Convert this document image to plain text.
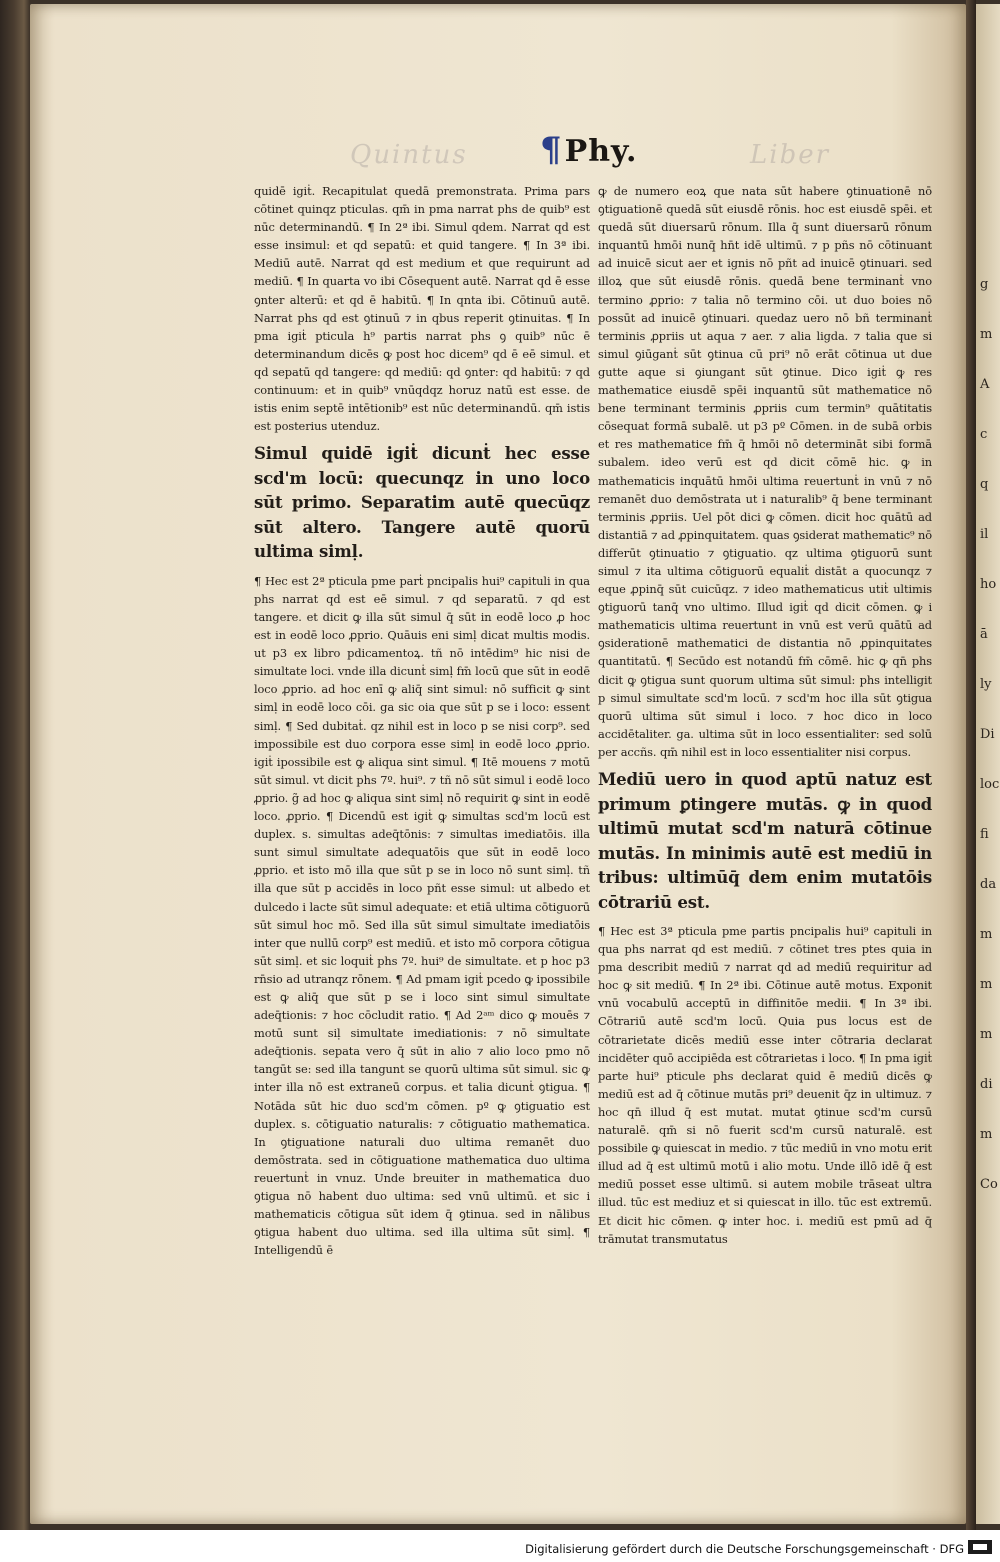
g
m
A
c
q
il
ho
ā
ly
Di
loc
fi
da
m
m
m
di
m
Co
Quintus ¶Phy.	Liber

quidē igiṫ. Recapitulat quedā premonstrata. Prima pars cōtinet quinqz pticulas. qm̄ in pma narrat phs de quib⁹ est nūc determinandū. ¶ In 2ª ibi. Simul qdem. Narrat qd est esse insimul: et qd sepatū: et quid tangere. ¶ In 3ª ibi. Mediū autē. Narrat qd est medium et que requirunt ad mediū. ¶ In quarta vo ibi Cōsequent autē. Narrat qd ē esse ꝯnter alterū: et qd ē habitū. ¶ In qnta ibi. Cōtinuū autē. Narrat phs qd est ꝯtinuū ⁊ in qbus reperit ꝯtinuitas. ¶ In pma igiṫ pticula h⁹ partis narrat phs ꝯ quib⁹ nūc ē determinandum dicēs ꝙ post hoc dicem⁹ qd ē eē simul. et qd sepatū qd tangere: qd mediū: qd ꝯnter: qd habitū: ⁊ qd continuum: et in quib⁹ vnūqdqz horuz natū est esse. de istis enim septē intētionib⁹ est nūc determinandū. qm̄ istis est posterius utenduz.

Simul quidē igiṫ dicunṫ hec esse scd'm locū: quecunqz in uno loco sūt primo. Separatim autē quecūqz sūt altero. Tangere autē quorū ultima simḷ.

¶ Hec est 2ª pticula pme parṫ pncipalis hui⁹ capituli in qua phs narrat qd est eē simul. ⁊ qd separatū. ⁊ qd est tangere. et dicit ꝙ illa sūt simul q̄ sūt in eodē loco ꝓ hoc est in eodē loco ꝓprio. Quāuis eni simḷ dicat multis modis. ut p3 ex libro pdicamentoꝝ. tñ nō intēdim⁹ hic nisi de simultate loci. vnde illa dicunṫ simḷ fm̄ locū que sūt in eodē loco ꝓprio. ad hoc enī ꝙ aliq̄ sint simul: nō sufficit ꝙ sint simḷ in eodē loco cōi. ga sic oia que sūt p se i loco: essent simḷ. ¶ Sed dubitaṫ. qz nihil est in loco p se nisi corp⁹. sed impossibile est duo corpora esse simḷ in eodē loco ꝓprio. igiṫ ipossibile est ꝙ aliqua sint simul. ¶ Itē mouens ⁊ motū sūt simul. vt dicit phs 7º. hui⁹. ⁊ tñ nō sūt simul i eodē loco ꝓprio. g̃ ad hoc ꝙ aliqua sint simḷ nō requirit ꝙ sint in eodē loco. ꝓprio. ¶ Dicendū est igiṫ ꝙ simultas scd'm locū est duplex. s. simultas adeq̄tōnis: ⁊ simultas imediatōis. illa sunt simul simultate adequatōis que sūt in eodē loco ꝓprio. et isto mō illa que sūt p se in loco nō sunt simḷ. tñ illa que sūt p accidēs in loco pñt esse simul: ut albedo et dulcedo i lacte sūt simul adequate: et etiā ultima cōtiguorū sūt simul hoc mō. Sed illa sūt simul simultate imediatōis inter que nullū corp⁹ est mediū. et isto mō corpora cōtigua sūt simḷ. et sic loquiṫ phs 7º. hui⁹ de simultate. et p hoc p3 rn̄sio ad utranqz rōnem. ¶ Ad pmam igiṫ pcedo ꝙ ipossibile est ꝙ aliq̄ que sūt p se i loco sint simul simultate adeq̄tionis: ⁊ hoc cōcludit ratio. ¶ Ad 2ᵃᵐ dico ꝙ mouēs ⁊ motū sunt siḷ simultate imediationis: ⁊ nō simultate adeq̄tionis. sepata vero q̄ sūt in alio ⁊ alio loco pmo nō tangūt se: sed illa tangunt se quorū ultima sūt simul. sic ꝙ inter illa nō est extraneū corpus. et talia dicunṫ ꝯtigua. ¶ Notāda sūt hic duo scd'm cōmen. pº ꝙ ꝯtiguatio est duplex. s. cōtiguatio naturalis: ⁊ cōtiguatio mathematica. In ꝯtiguatione naturali duo ultima remanēt duo demōstrata. sed in cōtiguatione mathematica duo ultima reuertunṫ in vnuz. Unde breuiter in mathematica duo ꝯtigua nō habent duo ultima: sed vnū ultimū. et sic i mathematicis cōtigua sūt idem q̄ ꝯtinua. sed in nālibus ꝯtigua habent duo ultima. sed illa ultima sūt simḷ. ¶ Intelligendū ē

ꝙ de numero eoꝝ que nata sūt habere ꝯtinuationē nō ꝯtiguationē quedā sūt eiusdē rōnis. hoc est eiusdē spēi. et quedā sūt diuersarū rōnum. Illa q̄ sunt diuersarū rōnum inquantū hmōi nunq̄ hn̄t idē ultimū. ⁊ p pñs nō cōtinuant ad inuicē sicut aer et ignis nō pñt ad inuicē ꝯtinuari. sed illoꝝ que sūt eiusdē rōnis. quedā bene terminanṫ vno termino ꝓprio: ⁊ talia nō termino cōi. ut duo boies nō possūt ad inuicē ꝯtinuari. quedaz uero nō bñ terminanṫ terminis ꝓpriis ut aqua ⁊ aer. ⁊ alia ligda. ⁊ talia que si simul ꝯiūganṫ sūt ꝯtinua cū pri⁹ nō erāt cōtinua ut due gutte aque si ꝯiungant sūt ꝯtinue. Dico igiṫ ꝙ res mathematice eiusdē spēi inquantū sūt mathematice nō bene terminant terminis ꝓpriis cum termin⁹ quātitatis cōsequat formā subalē. ut p3 pº Cōmen. in de subā orbis et res mathematice fm̄ q̄ hmōi nō determināt sibi formā subalem. ideo verū est qd dicit cōmē hic. ꝙ in mathematicis inquātū hmōi ultima reuertunṫ in vnū ⁊ nō remanēt duo demōstrata ut i naturalib⁹ q̄ bene terminant terminis ꝓpriis. Uel pōt dici ꝙ cōmen. dicit hoc quātū ad distantiā ⁊ ad ꝓpinquitatem. quas ꝯsiderat mathematic⁹ nō differūt ꝯtinuatio ⁊ ꝯtiguatio. qz ultima ꝯtiguorū sunt simul ⁊ ita ultima cōtiguorū equaliṫ distāt a quocunqz ⁊ eque ꝓpinq̄ sūt cuicūqz. ⁊ ideo mathematicus utiṫ ultimis ꝯtiguorū tanq̄ vno ultimo. Illud igiṫ qd dicit cōmen. ꝙ i mathematicis ultima reuertunt in vnū est verū quātū ad ꝯsiderationē mathematici de distantia nō ꝓpinquitates quantitatū. ¶ Secūdo est notandū fm̄ cōmē. hic ꝙ qn̄ phs dicit ꝙ ꝯtigua sunt quorum ultima sūt simul: phs intelligit p simul simultate scd'm locū. ⁊ scd'm hoc illa sūt ꝯtigua quorū ultima sūt simul i loco. ⁊ hoc dico in loco accidētaliter. ga. ultima sūt in loco essentialiter: sed solū per accñs. qm̄ nihil est in loco essentialiter nisi corpus.

Mediū uero in quod aptū natuz est primum ꝑtingere mutās. ꝙ in quod ultimū mutat scd'm naturā cōtinue mutās. In minimis autē est mediū in tribus: ultimūq̄ dem enim mutatōis cōtrariū est.

¶ Hec est 3ª pticula pme partis pncipalis hui⁹ capituli in qua phs narrat qd est mediū. ⁊ cōtinet tres ptes quia in pma describit mediū ⁊ narrat qd ad mediū requiritur ad hoc ꝙ sit mediū. ¶ In 2ª ibi. Cōtinue autē motus. Exponit vnū vocabulū acceptū in diffinitōe medii. ¶ In 3ª ibi. Cōtrariū autē scd'm locū. Quia pus locus est de cōtrarietate dicēs mediū esse inter cōtraria declarat incidēter quō accipiēda est cōtrarietas i loco. ¶ In pma igiṫ parte hui⁹ pticule phs declarat quid ē mediū dicēs ꝙ mediū est ad q̄ cōtinue mutās pri⁹ deuenit q̄z in ultimuz. ⁊ hoc qn̄ illud q̄ est mutat. mutat ꝯtinue scd'm cursū naturalē. qm̄ si nō fuerit scd'm cursū naturalē. est possibile ꝙ quiescat in medio. ⁊ tūc mediū in vno motu erit illud ad q̄ est ultimū motū i alio motu. Unde illō idē q̄ est mediū posset esse ultimū. si autem mobile trāseat ultra illud. tūc est mediuz et si quiescat in illo. tūc est extremū. Et dicit hic cōmen. ꝙ inter hoc. i. mediū est pmū ad q̄ trāmutat transmutatus

Digitalisierung gefördert durch die Deutsche Forschungsgemeinschaft · DFG
